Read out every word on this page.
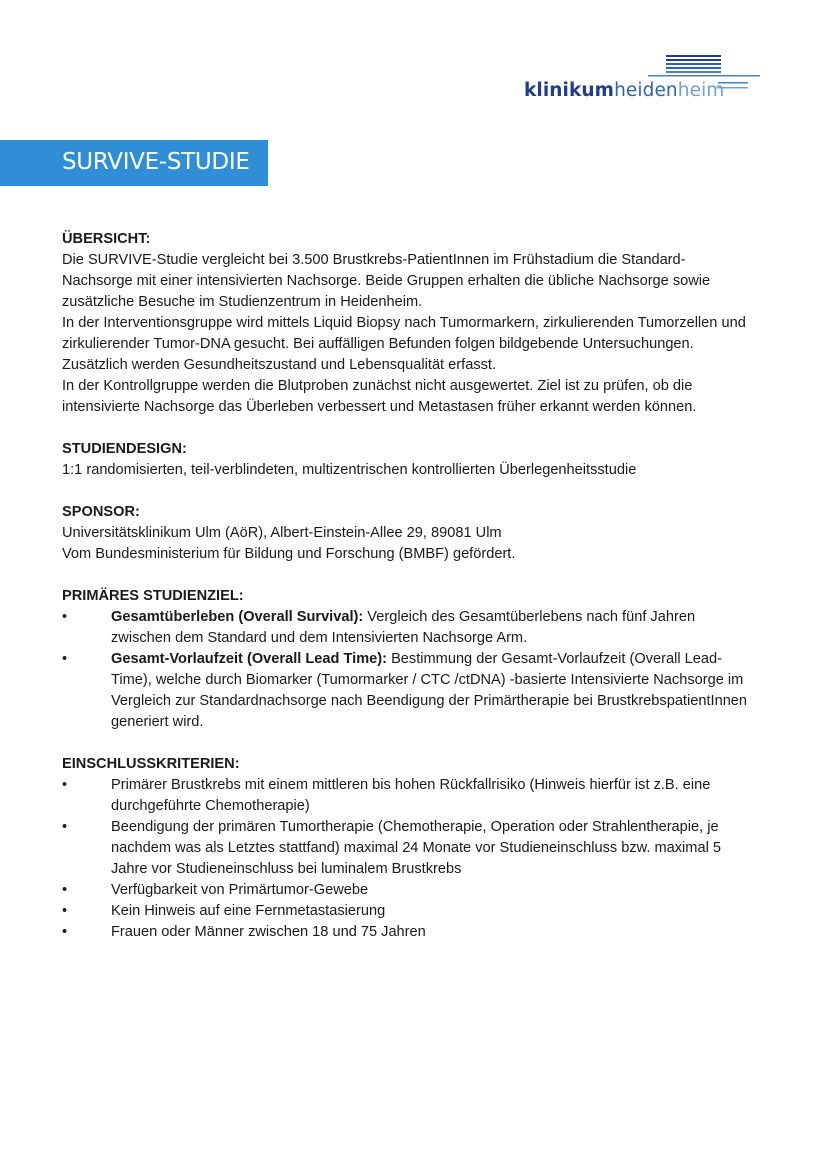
klinikumheidenheim
SURVIVE-STUDIE
ÜBERSICHT:
Die SURVIVE-Studie vergleicht bei 3.500 Brustkrebs-PatientInnen im Frühstadium die Standard-Nachsorge mit einer intensivierten Nachsorge. Beide Gruppen erhalten die übliche Nachsorge sowie zusätzliche Besuche im Studienzentrum in Heidenheim.
In der Interventionsgruppe wird mittels Liquid Biopsy nach Tumormarkern, zirkulierenden Tumorzellen und zirkulierender Tumor-DNA gesucht. Bei auffälligen Befunden folgen bildgebende Untersuchungen. Zusätzlich werden Gesundheitszustand und Lebensqualität erfasst.
In der Kontrollgruppe werden die Blutproben zunächst nicht ausgewertet. Ziel ist zu prüfen, ob die intensivierte Nachsorge das Überleben verbessert und Metastasen früher erkannt werden können.
STUDIENDESIGN:
1:1 randomisierten, teil-verblindeten, multizentrischen kontrollierten Überlegenheitsstudie
SPONSOR:
Universitätsklinikum Ulm (AöR), Albert-Einstein-Allee 29, 89081 Ulm
Vom Bundesministerium für Bildung und Forschung (BMBF) gefördert.
PRIMÄRES STUDIENZIEL:
•	Gesamtüberleben (Overall Survival): Vergleich des Gesamtüberlebens nach fünf Jahren zwischen dem Standard und dem Intensivierten Nachsorge Arm.
•	Gesamt-Vorlaufzeit (Overall Lead Time): Bestimmung der Gesamt-Vorlaufzeit (Overall Lead-Time), welche durch Biomarker (Tumormarker / CTC /ctDNA) -basierte Intensivierte Nachsorge im Vergleich zur Standardnachsorge nach Beendigung der Primärtherapie bei BrustkrebspatientInnen generiert wird.
EINSCHLUSSKRITERIEN:
•	Primärer Brustkrebs mit einem mittleren bis hohen Rückfallrisiko (Hinweis hierfür ist z.B. eine durchgeführte Chemotherapie)
•	Beendigung der primären Tumortherapie (Chemotherapie, Operation oder Strahlentherapie, je nachdem was als Letztes stattfand) maximal 24 Monate vor Studieneinschluss bzw. maximal 5 Jahre vor Studieneinschluss bei luminalem Brustkrebs
•	Verfügbarkeit von Primärtumor-Gewebe
•	Kein Hinweis auf eine Fernmetastasierung
•	Frauen oder Männer zwischen 18 und 75 Jahren
